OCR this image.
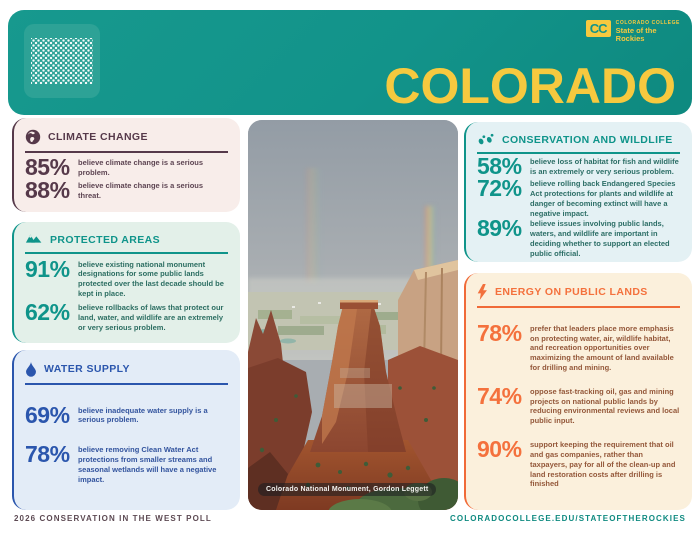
CC	COLORADO COLLEGE
State of the Rockies
COLORADO
CLIMATE CHANGE
85% believe climate change is a serious problem.

88% believe climate change is a serious threat.

PROTECTED AREAS
91% believe existing national monument designations for some public lands protected over the last decade should be kept in place.

62% believe rollbacks of laws that protect our land, water, and wildlife are an extremely or very serious problem.

WATER SUPPLY
69% believe inadequate water supply is a serious problem.

78% believe removing Clean Water Act protections from smaller streams and seasonal wetlands will have a negative impact.

Colorado National Monument, Gordon Leggett
CONSERVATION AND WILDLIFE
58% believe loss of habitat for fish and wildlife is an extremely or very serious problem.

72% believe rolling back Endangered Species Act protections for plants and wildlife at danger of becoming extinct will have a negative impact.

89% believe issues involving public lands, waters, and wildlife are important in deciding whether to support an elected public official.

ENERGY ON PUBLIC LANDS
78% prefer that leaders place more emphasis on protecting water, air, wildlife habitat, and recreation opportunities over maximizing the amount of land available for drilling and mining.

74% oppose fast-tracking oil, gas and mining projects on national public lands by reducing environmental reviews and local public input.

90% support keeping the requirement that oil and gas companies, rather than taxpayers, pay for all of the clean-up and land restoration costs after drilling is finished

2026 CONSERVATION IN THE WEST POLL	COLORADOCOLLEGE.EDU/STATEOFTHEROCKIES
